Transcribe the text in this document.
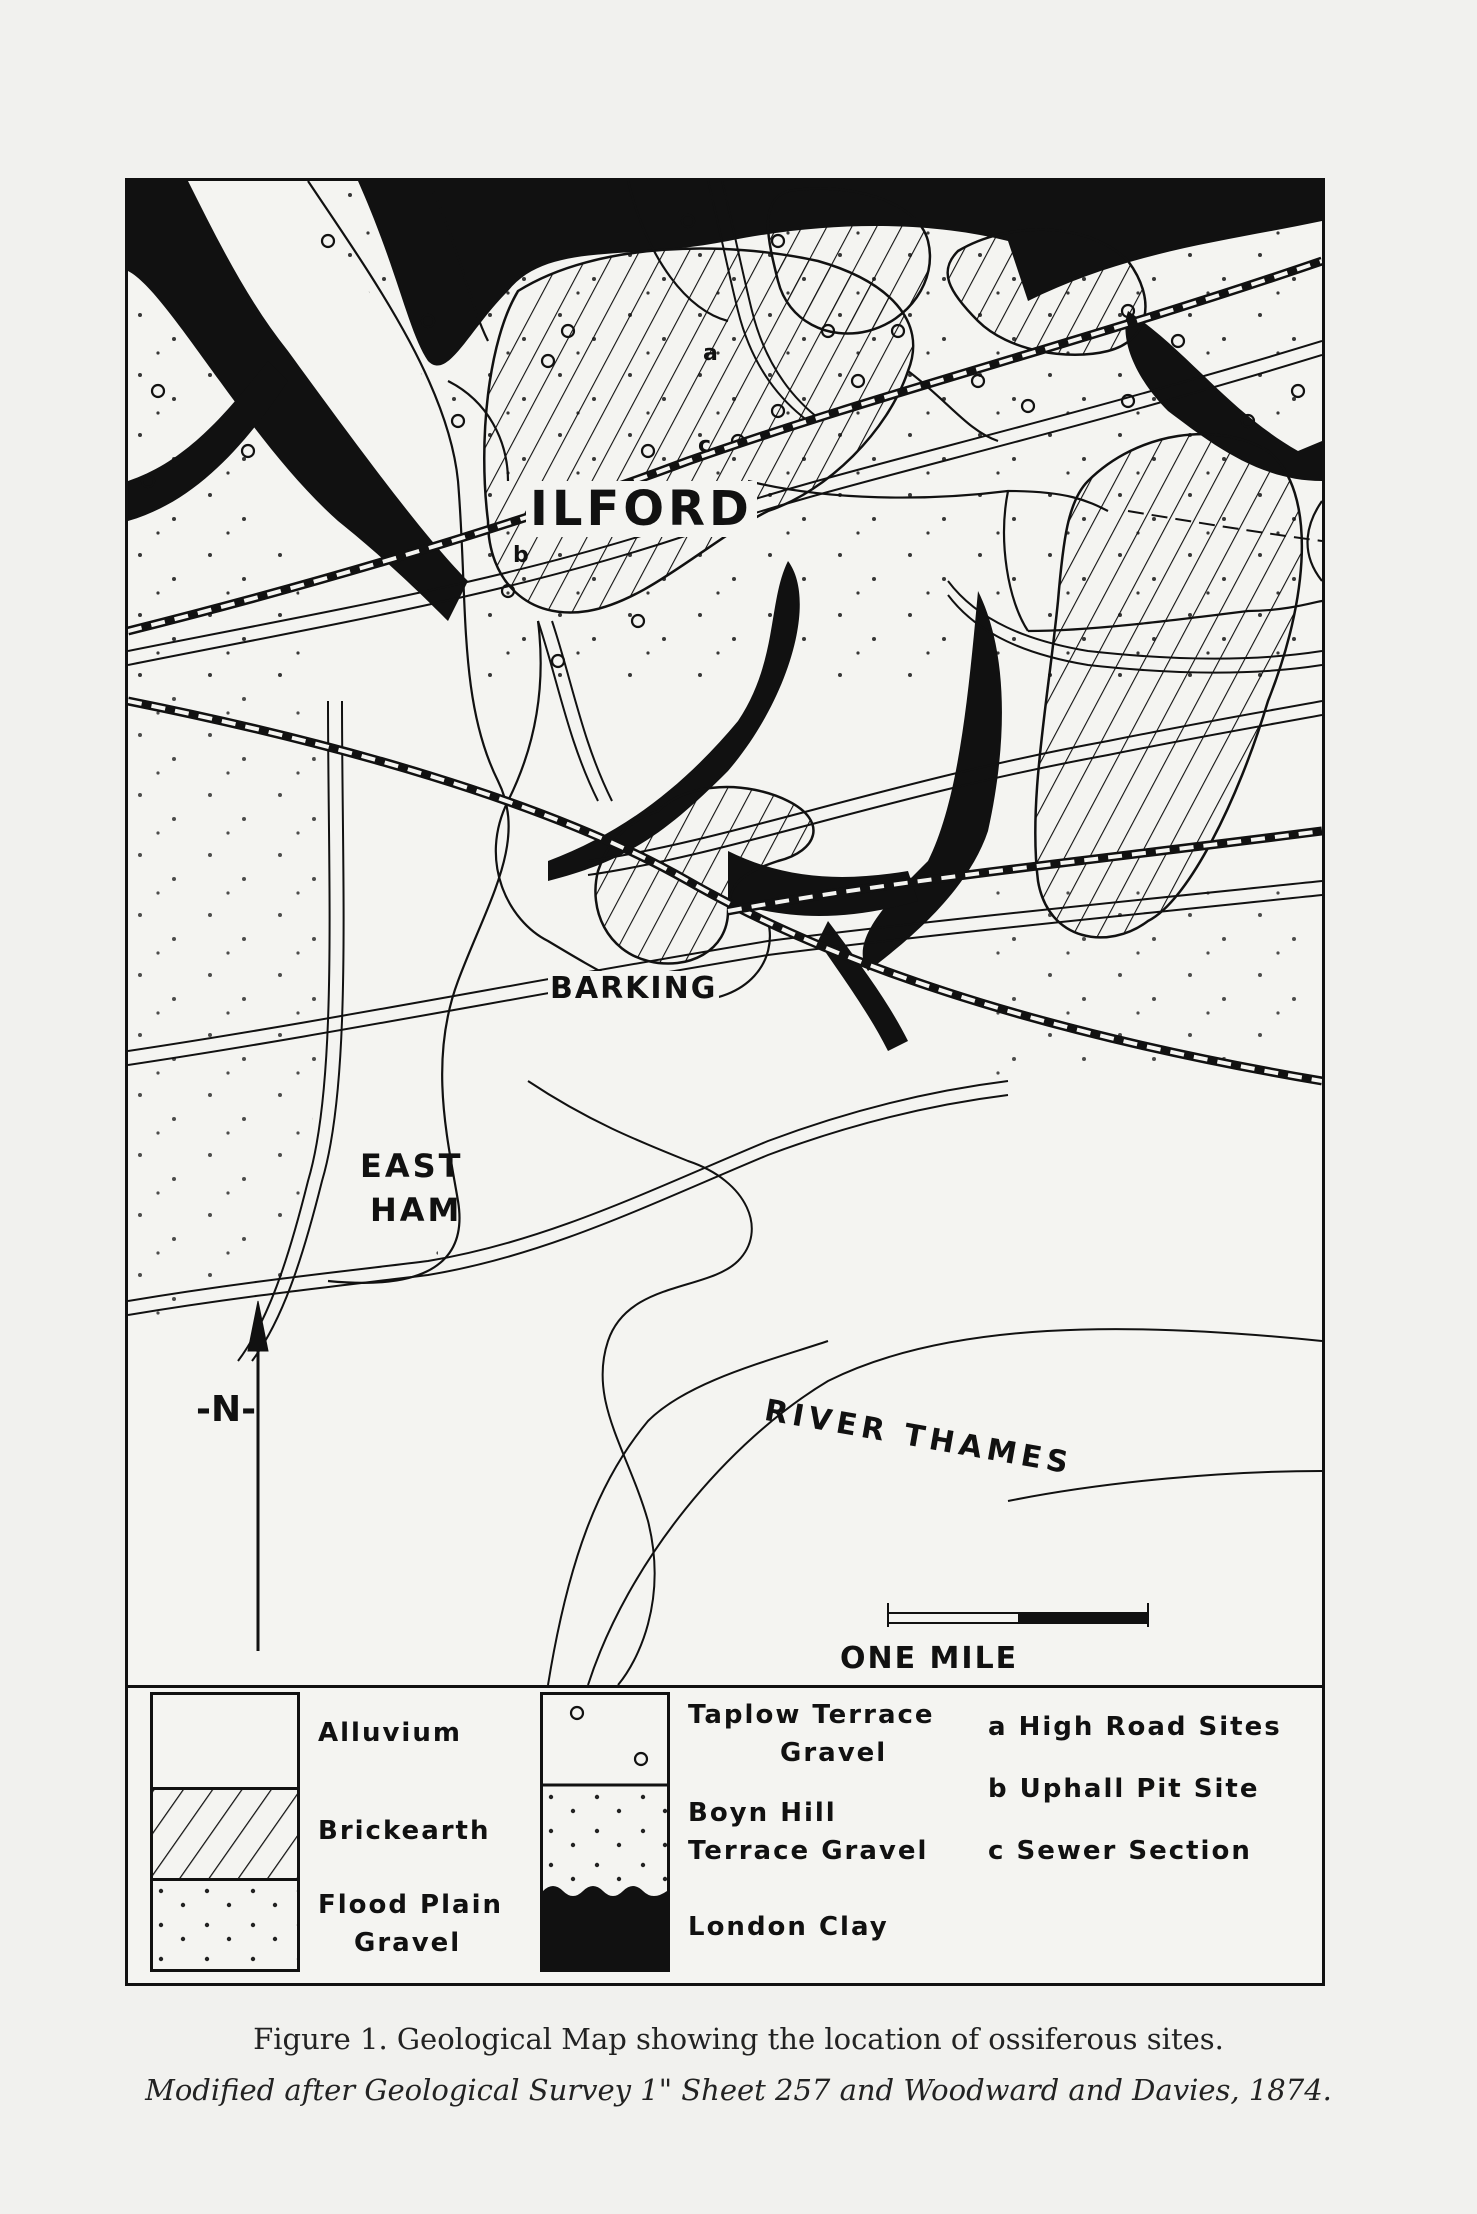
ILFORD
BARKING
EAST
HAM
RIVER THAMES
a
c
b
-N-
ONE MILE
Alluvium
Brickearth
Flood Plain
Gravel
Taplow Terrace
Gravel
Boyn Hill
Terrace Gravel
London Clay
a High Road Sites
b Uphall Pit Site
c Sewer Section
Figure 1. Geological Map showing the location of ossiferous sites.
Modified after Geological Survey 1" Sheet 257 and Woodward and Davies, 1874.
